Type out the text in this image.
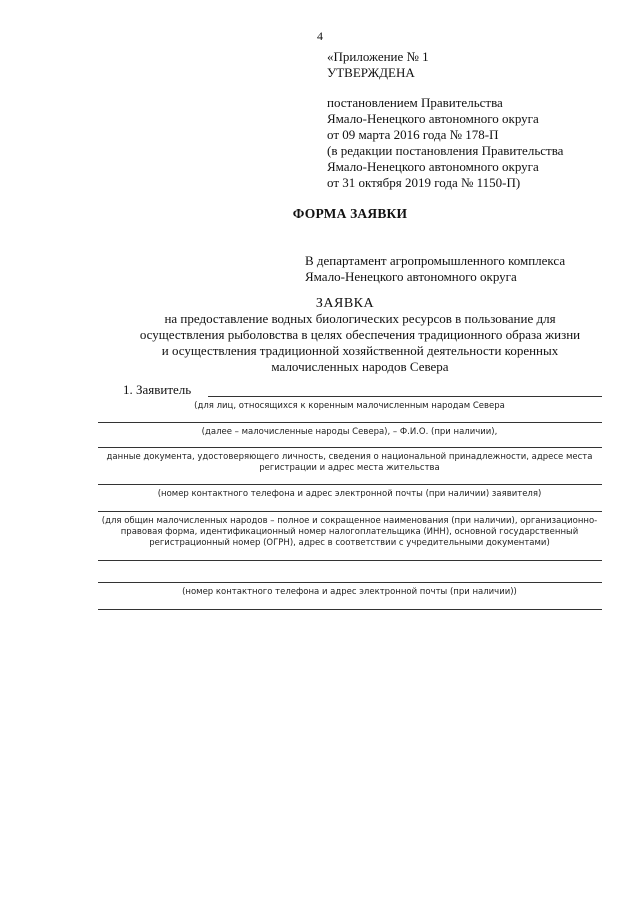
4
«Приложение № 1
УТВЕРЖДЕНА
постановлением Правительства
Ямало-Ненецкого автономного округа
от 09 марта 2016 года № 178-П
(в редакции постановления Правительства
Ямало-Ненецкого автономного округа
от 31 октября 2019 года № 1150-П)
ФОРМА ЗАЯВКИ
В департамент агропромышленного комплекса
Ямало-Ненецкого автономного округа
ЗАЯВКА
на предоставление водных биологических ресурсов в пользование для
осуществления рыболовства в целях обеспечения традиционного образа жизни
и осуществления традиционной хозяйственной деятельности коренных
малочисленных народов Севера
1. Заявитель
(для лиц, относящихся к коренным малочисленным народам Севера
(далее – малочисленные народы Севера), – Ф.И.О. (при наличии),
данные документа, удостоверяющего личность, сведения о национальной принадлежности, адресе места
регистрации и адрес места жительства
(номер контактного телефона и адрес электронной почты (при наличии) заявителя)
(для общин малочисленных народов – полное и сокращенное наименования (при наличии), организационно-
правовая форма, идентификационный номер налогоплательщика (ИНН), основной государственный
регистрационный номер (ОГРН), адрес в соответствии с учредительными документами)
(номер контактного телефона и адрес электронной почты (при наличии))
